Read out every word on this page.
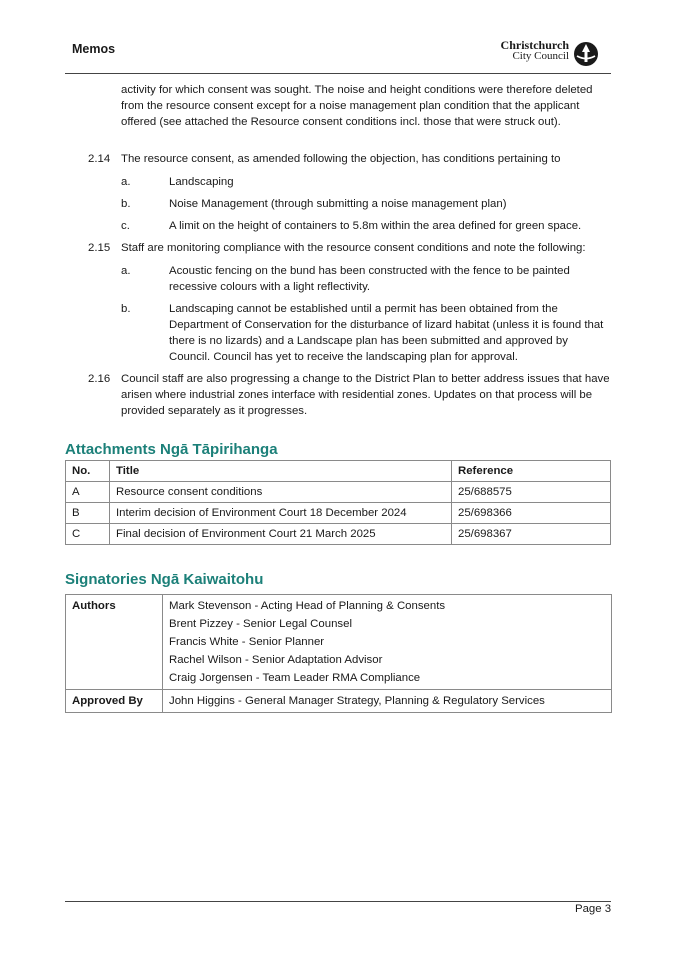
Memos	Christchurch
City Council
activity for which consent was sought. The noise and height conditions were therefore deleted from the resource consent except for a noise management plan condition that the applicant offered (see attached the Resource consent conditions incl. those that were struck out).
2.14 The resource consent, as amended following the objection, has conditions pertaining to
a.	Landscaping
b.	Noise Management (through submitting a noise management plan)
c.	A limit on the height of containers to 5.8m within the area defined for green space.
2.15 Staff are monitoring compliance with the resource consent conditions and note the following:
a.	Acoustic fencing on the bund has been constructed with the fence to be painted recessive colours with a light reflectivity.
b.	Landscaping cannot be established until a permit has been obtained from the Department of Conservation for the disturbance of lizard habitat (unless it is found that there is no lizards) and a Landscape plan has been submitted and approved by Council. Council has yet to receive the landscaping plan for approval.
2.16 Council staff are also progressing a change to the District Plan to better address issues that have arisen where industrial zones interface with residential zones. Updates on that process will be provided separately as it progresses.
Attachments Ngā Tāpirihanga
No.	Title	Reference
A	Resource consent conditions	25/688575
B	Interim decision of Environment Court 18 December 2024	25/698366
C	Final decision of Environment Court 21 March 2025	25/698367
Signatories Ngā Kaiwaitohu
Authors	Mark Stevenson - Acting Head of Planning & Consents
Brent Pizzey - Senior Legal Counsel
Francis White - Senior Planner
Rachel Wilson - Senior Adaptation Advisor
Craig Jorgensen - Team Leader RMA Compliance

Approved By	John Higgins - General Manager Strategy, Planning & Regulatory Services
Page 3
